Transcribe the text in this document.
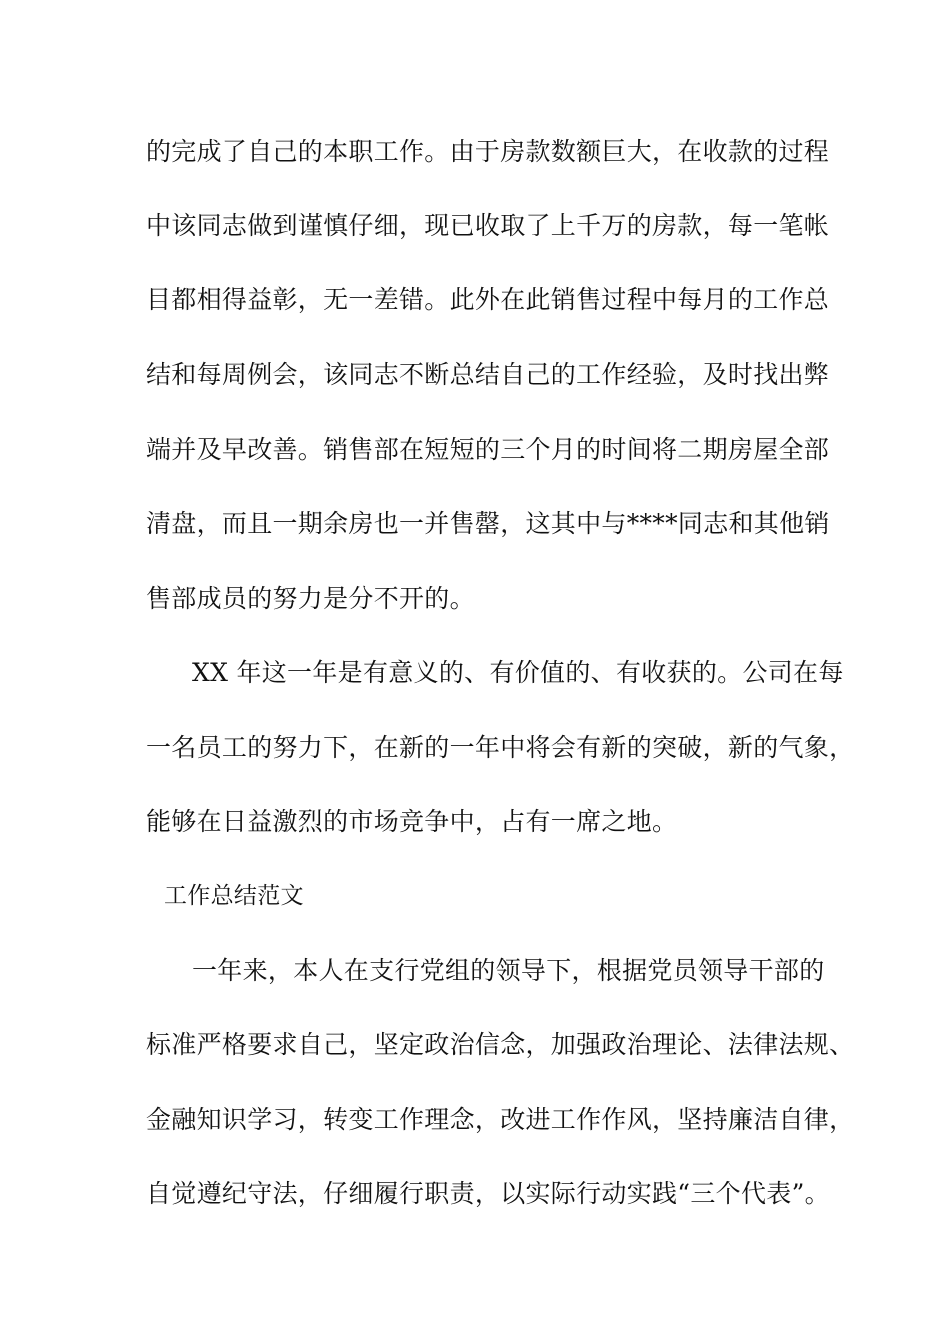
的完成了自己的本职工作。由于房款数额巨大，在收款的过程
中该同志做到谨慎仔细，现已收取了上千万的房款，每一笔帐
目都相得益彰，无一差错。此外在此销售过程中每月的工作总
结和每周例会，该同志不断总结自己的工作经验，及时找出弊
端并及早改善。销售部在短短的三个月的时间将二期房屋全部
清盘，而且一期余房也一并售罄，这其中与****同志和其他销
售部成员的努力是分不开的。
XX 年这一年是有意义的、有价值的、有收获的。公司在每
一名员工的努力下，在新的一年中将会有新的突破，新的气象，
能够在日益激烈的市场竞争中，占有一席之地。
工作总结范文
一年来，本人在支行党组的领导下，根据党员领导干部的
标准严格要求自己，坚定政治信念，加强政治理论、法律法规、
金融知识学习，转变工作理念，改进工作作风，坚持廉洁自律，
自觉遵纪守法，仔细履行职责，以实际行动实践“三个代表”。
